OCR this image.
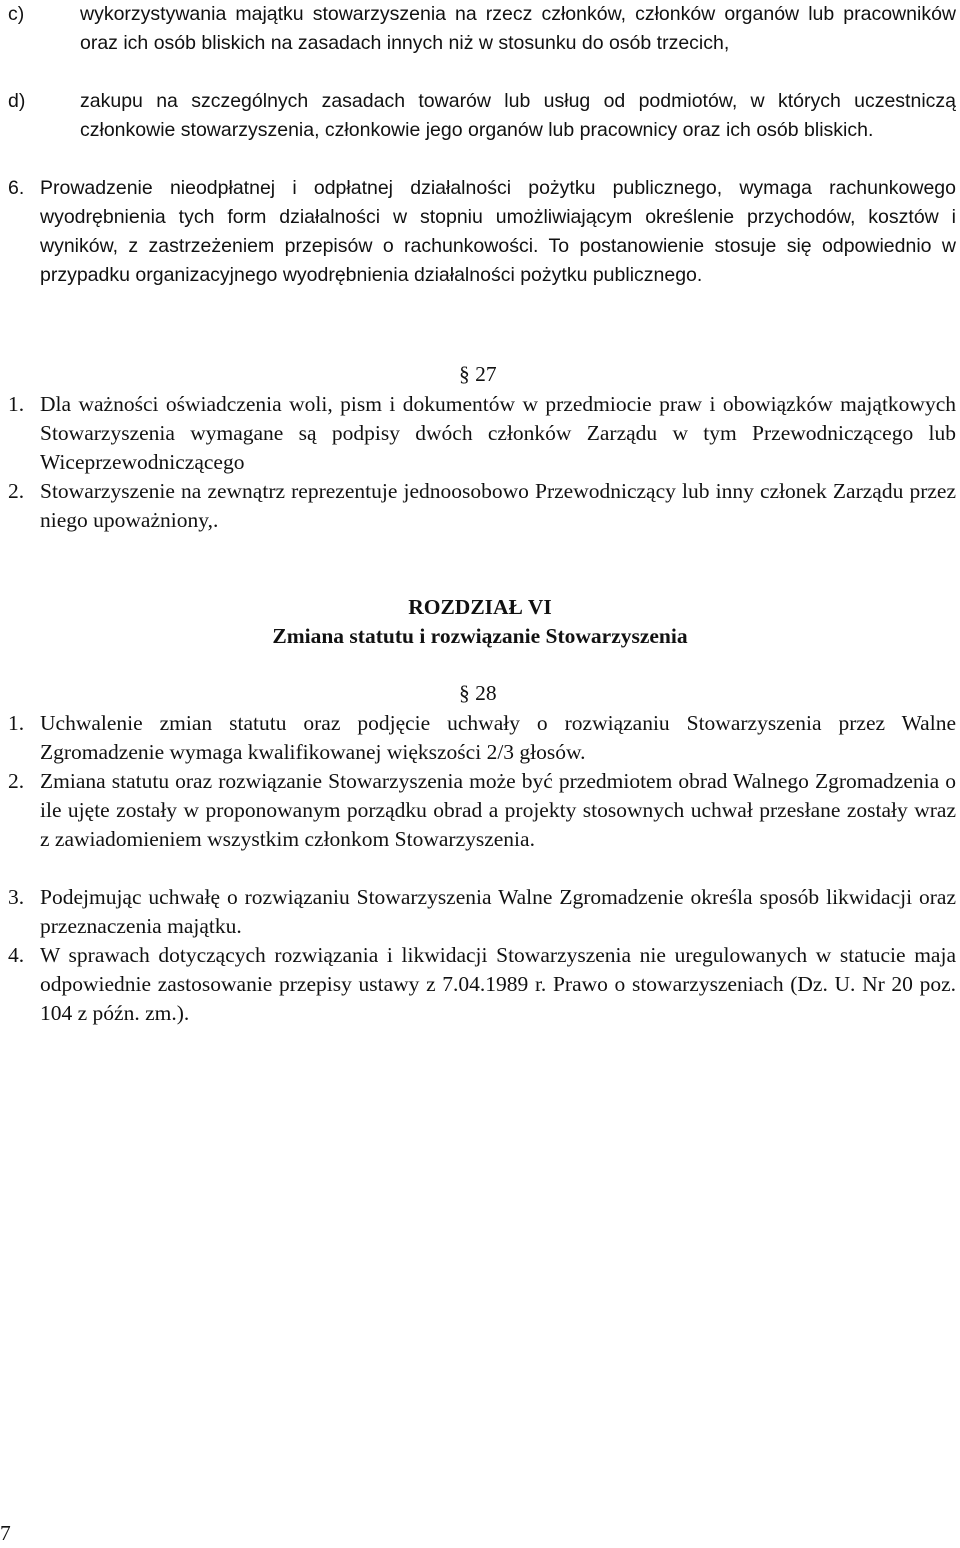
c)	wykorzystywania majątku stowarzyszenia na rzecz członków, członków organów lub pracowników oraz ich osób bliskich na zasadach innych niż w stosunku do osób trzecich,
d)	zakupu na szczególnych zasadach towarów lub usług od podmiotów, w których uczestniczą członkowie stowarzyszenia, członkowie jego organów lub pracownicy oraz ich osób bliskich.
6. Prowadzenie nieodpłatnej i odpłatnej działalności pożytku publicznego, wymaga rachunkowego wyodrębnienia tych form działalności w stopniu umożliwiającym określenie przychodów, kosztów i wyników, z zastrzeżeniem przepisów o rachunkowości. To postanowienie stosuje się odpowiednio w przypadku organizacyjnego wyodrębnienia działalności pożytku publicznego.
§ 27
1. Dla ważności oświadczenia woli, pism i dokumentów w przedmiocie praw i obowiązków majątkowych Stowarzyszenia wymagane są podpisy dwóch członków Zarządu w tym Przewodniczącego lub Wiceprzewodniczącego
2. Stowarzyszenie na zewnątrz reprezentuje jednoosobowo Przewodniczący lub inny członek Zarządu przez niego upoważniony,.
ROZDZIAŁ VI
Zmiana statutu i rozwiązanie Stowarzyszenia
§ 28
1. Uchwalenie zmian statutu oraz podjęcie uchwały o rozwiązaniu Stowarzyszenia przez Walne Zgromadzenie wymaga kwalifikowanej większości 2/3 głosów.
2. Zmiana statutu oraz rozwiązanie Stowarzyszenia może być przedmiotem obrad Walnego Zgromadzenia o ile ujęte zostały w proponowanym porządku obrad a projekty stosownych uchwał przesłane zostały wraz z zawiadomieniem wszystkim członkom Stowarzyszenia.
3. Podejmując uchwałę o rozwiązaniu Stowarzyszenia Walne Zgromadzenie określa sposób likwidacji oraz przeznaczenia majątku.
4. W sprawach dotyczących rozwiązania i likwidacji Stowarzyszenia nie uregulowanych w statucie maja odpowiednie zastosowanie przepisy ustawy z 7.04.1989 r. Prawo o stowarzyszeniach (Dz. U. Nr 20 poz. 104 z późn. zm.).
7
